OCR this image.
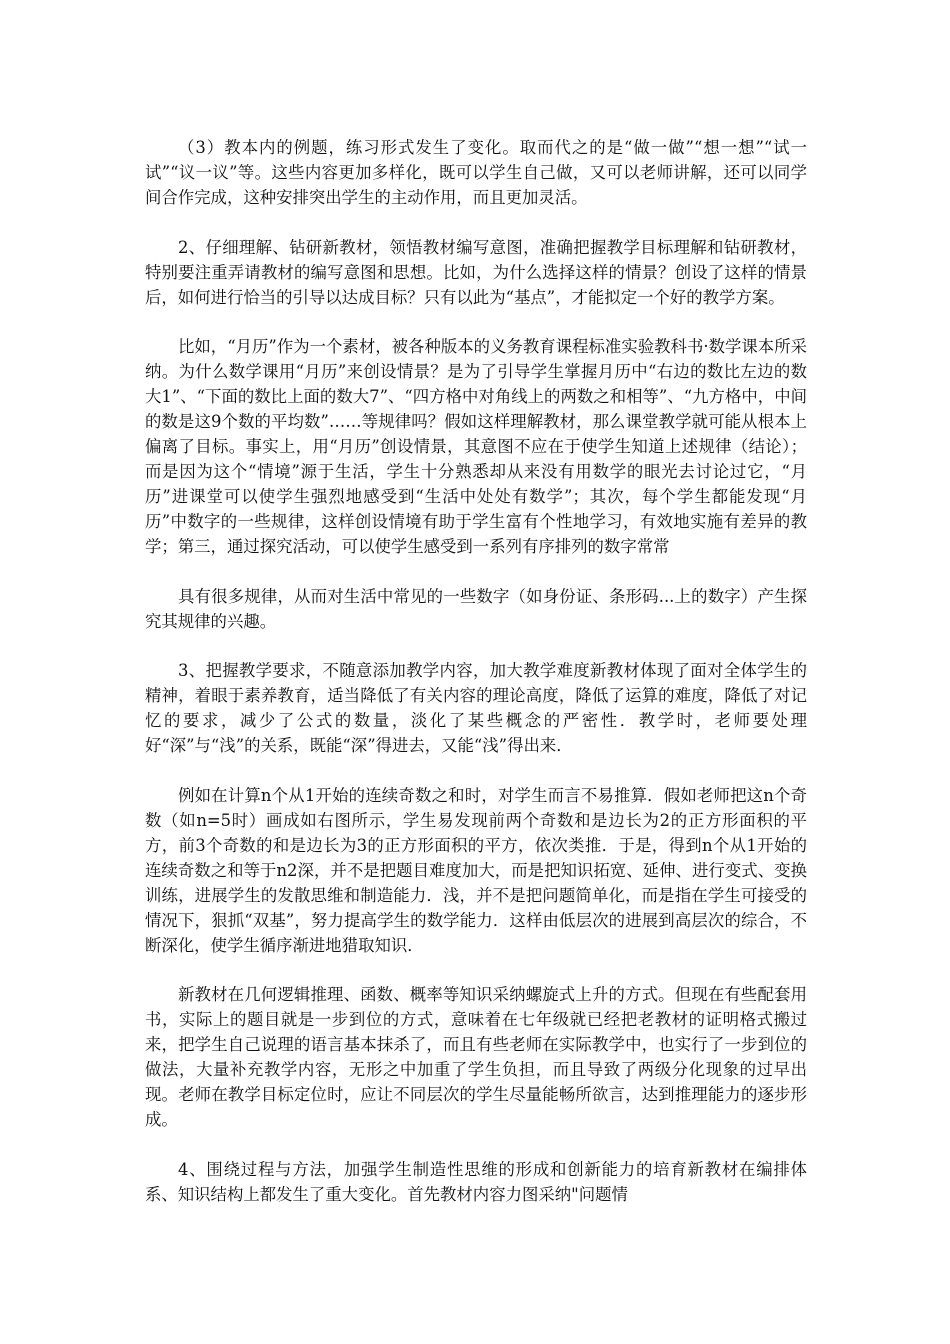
（3）教本内的例题，练习形式发生了变化。取而代之的是“做一做”“想一想”“试一试”“议一议”等。这些内容更加多样化，既可以学生自己做，又可以老师讲解，还可以同学间合作完成，这种安排突出学生的主动作用，而且更加灵活。

2、仔细理解、钻研新教材，领悟教材编写意图，准确把握教学目标理解和钻研教材，特别要注重弄请教材的编写意图和思想。比如，为什么选择这样的情景？创设了这样的情景后，如何进行恰当的引导以达成目标？只有以此为“基点”，才能拟定一个好的教学方案。

比如，“月历”作为一个素材，被各种版本的义务教育课程标准实验教科书·数学课本所采纳。为什么数学课用“月历”来创设情景？是为了引导学生掌握月历中“右边的数比左边的数大1”、“下面的数比上面的数大7”、“四方格中对角线上的两数之和相等”、“九方格中，中间的数是这9个数的平均数”……等规律吗？假如这样理解教材，那么课堂教学就可能从根本上偏离了目标。事实上，用“月历”创设情景，其意图不应在于使学生知道上述规律（结论）；而是因为这个“情境”源于生活，学生十分熟悉却从来没有用数学的眼光去讨论过它，“月历”进课堂可以使学生强烈地感受到“生活中处处有数学”；其次，每个学生都能发现“月历”中数字的一些规律，这样创设情境有助于学生富有个性地学习，有效地实施有差异的教学；第三，通过探究活动，可以使学生感受到一系列有序排列的数字常常

具有很多规律，从而对生活中常见的一些数字（如身份证、条形码...上的数字）产生探究其规律的兴趣。

3、把握教学要求，不随意添加教学内容，加大教学难度新教材体现了面对全体学生的精神，着眼于素养教育，适当降低了有关内容的理论高度，降低了运算的难度，降低了对记忆的要求，减少了公式的数量，淡化了某些概念的严密性．教学时，老师要处理好“深”与“浅”的关系，既能“深”得进去，又能“浅”得出来．

例如在计算n个从1开始的连续奇数之和时，对学生而言不易推算．假如老师把这n个奇数（如n=5时）画成如右图所示，学生易发现前两个奇数和是边长为2的正方形面积的平方，前3个奇数的和是边长为3的正方形面积的平方，依次类推．于是，得到n个从1开始的连续奇数之和等于n2深，并不是把题目难度加大，而是把知识拓宽、延伸、进行变式、变换训练，进展学生的发散思维和制造能力．浅，并不是把问题简单化，而是指在学生可接受的情况下，狠抓“双基”，努力提高学生的数学能力．这样由低层次的进展到高层次的综合，不断深化，使学生循序渐进地猎取知识．

新教材在几何逻辑推理、函数、概率等知识采纳螺旋式上升的方式。但现在有些配套用书，实际上的题目就是一步到位的方式，意味着在七年级就已经把老教材的证明格式搬过来，把学生自己说理的语言基本抹杀了，而且有些老师在实际教学中，也实行了一步到位的做法，大量补充教学内容，无形之中加重了学生负担，而且导致了两级分化现象的过早出现。老师在教学目标定位时，应让不同层次的学生尽量能畅所欲言，达到推理能力的逐步形成。

4、围绕过程与方法，加强学生制造性思维的形成和创新能力的培育新教材在编排体系、知识结构上都发生了重大变化。首先教材内容力图采纳"问题情
